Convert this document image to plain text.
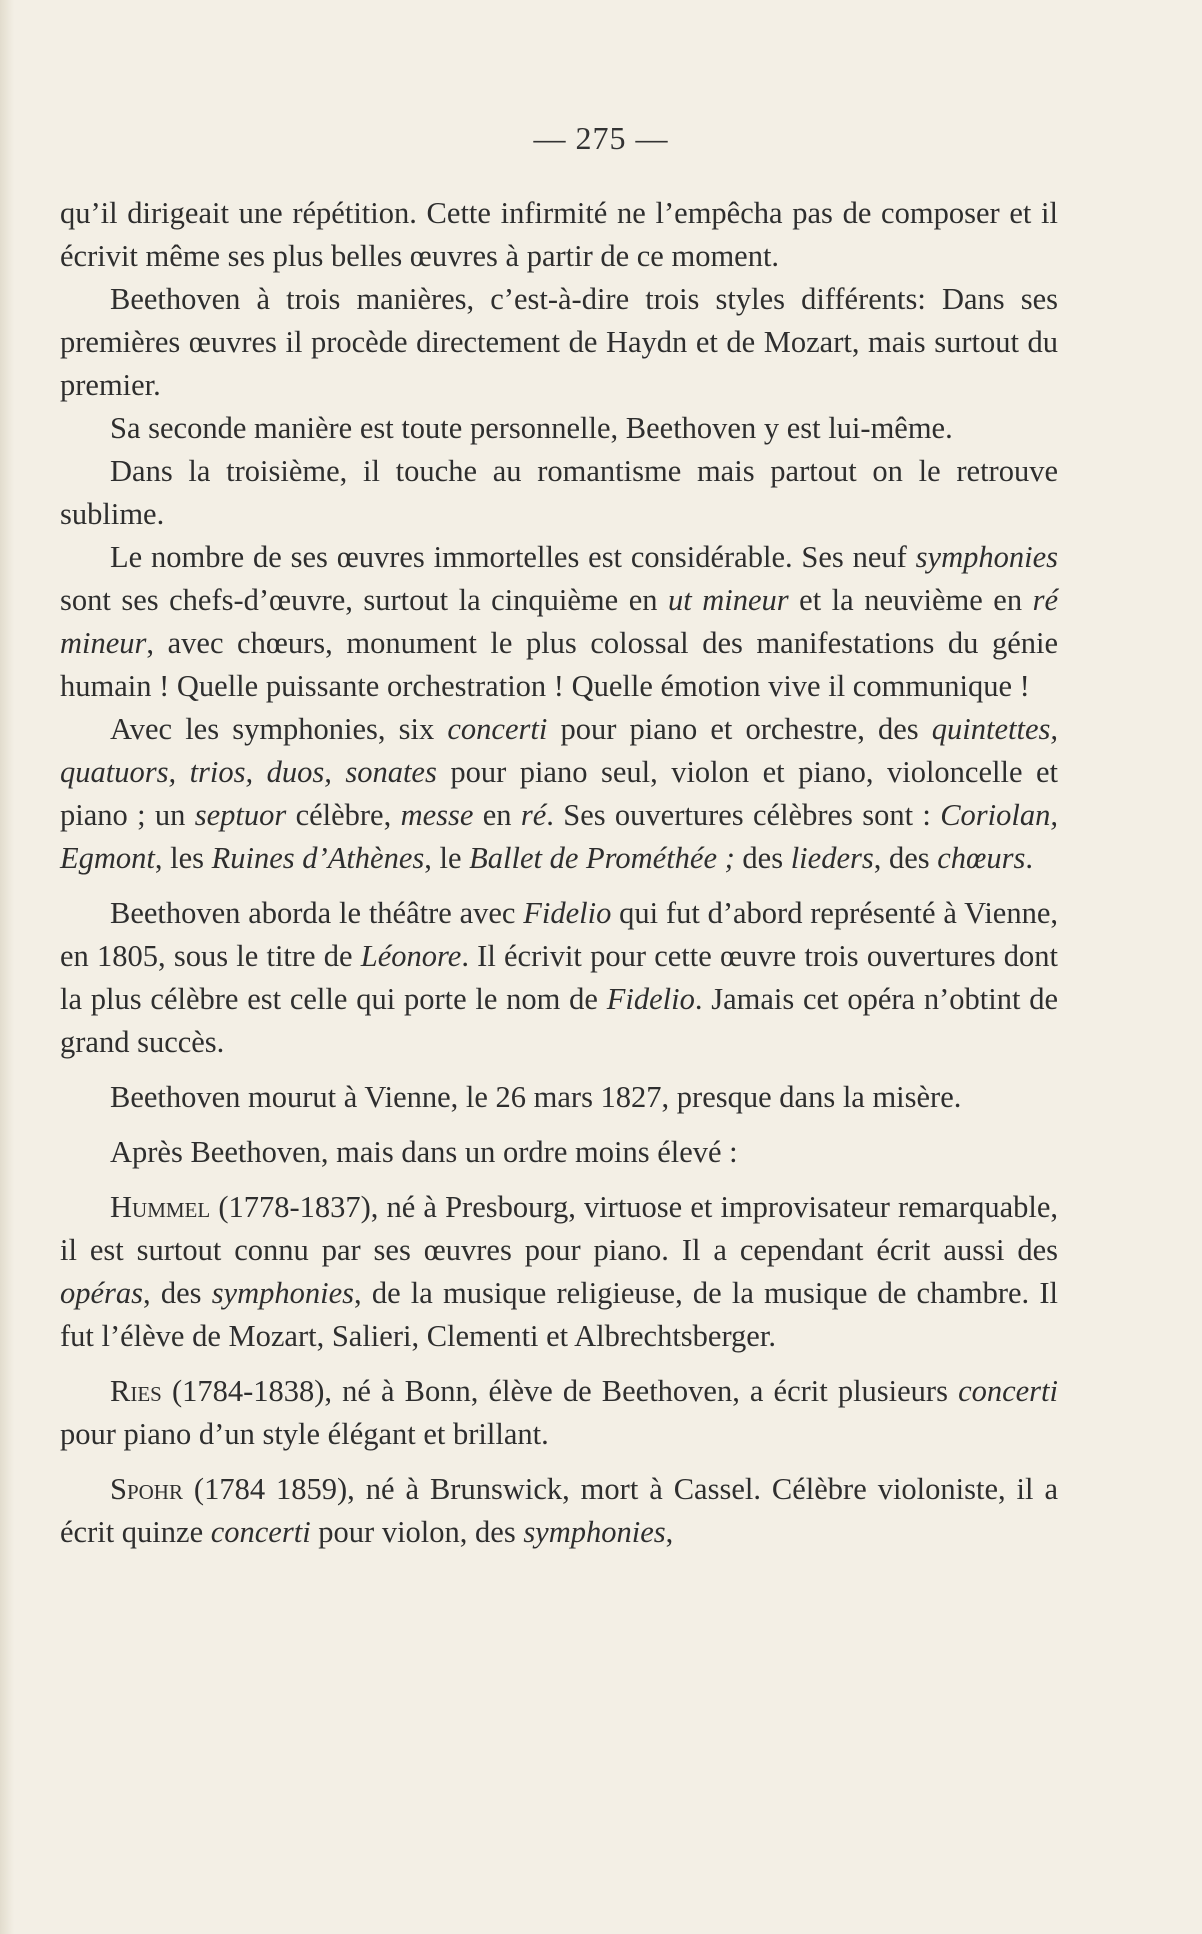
— 275 —

qu’il dirigeait une répétition. Cette infirmité ne l’empêcha pas de composer et il écrivit même ses plus belles œuvres à partir de ce moment.

Beethoven à trois manières, c’est-à-dire trois styles différents: Dans ses premières œuvres il procède directement de Haydn et de Mozart, mais surtout du premier.

Sa seconde manière est toute personnelle, Beethoven y est lui-même.

Dans la troisième, il touche au romantisme mais partout on le retrouve sublime.

Le nombre de ses œuvres immortelles est considérable. Ses neuf symphonies sont ses chefs-d’œuvre, surtout la cinquième en ut mineur et la neuvième en ré mineur, avec chœurs, monument le plus colossal des manifestations du génie humain ! Quelle puissante orchestration ! Quelle émotion vive il communique !

Avec les symphonies, six concerti pour piano et orchestre, des quintettes, quatuors, trios, duos, sonates pour piano seul, violon et piano, violoncelle et piano ; un septuor célèbre, messe en ré. Ses ouvertures célèbres sont : Coriolan, Egmont, les Ruines d’Athènes, le Ballet de Prométhée ; des lieders, des chœurs.

Beethoven aborda le théâtre avec Fidelio qui fut d’abord représenté à Vienne, en 1805, sous le titre de Léonore. Il écrivit pour cette œuvre trois ouvertures dont la plus célèbre est celle qui porte le nom de Fidelio. Jamais cet opéra n’obtint de grand succès.

Beethoven mourut à Vienne, le 26 mars 1827, presque dans la misère.

Après Beethoven, mais dans un ordre moins élevé :

Hummel (1778-1837), né à Presbourg, virtuose et improvisateur remarquable, il est surtout connu par ses œuvres pour piano. Il a cependant écrit aussi des opéras, des symphonies, de la musique religieuse, de la musique de chambre. Il fut l’élève de Mozart, Salieri, Clementi et Albrechtsberger.

Ries (1784-1838), né à Bonn, élève de Beethoven, a écrit plusieurs concerti pour piano d’un style élégant et brillant.

Spohr (1784 1859), né à Brunswick, mort à Cassel. Célèbre violoniste, il a écrit quinze concerti pour violon, des symphonies,
